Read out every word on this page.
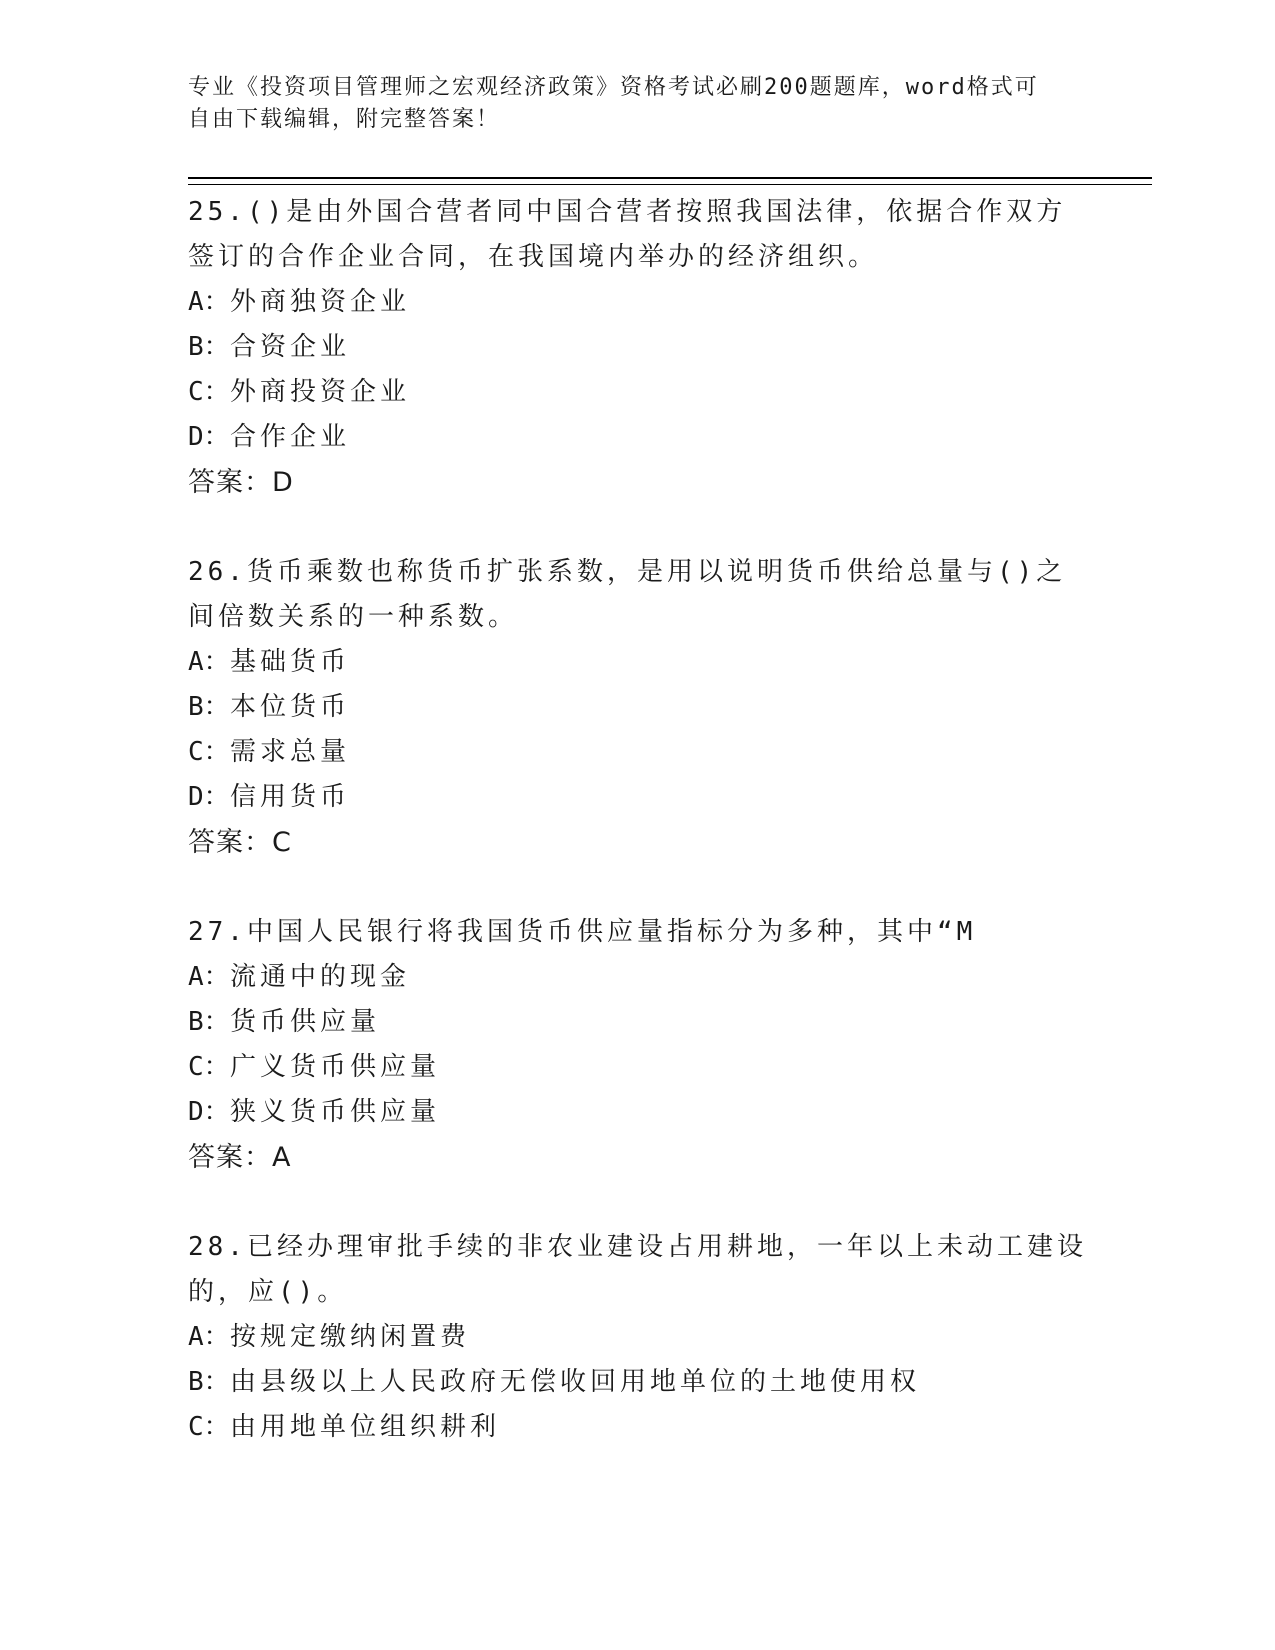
专业《投资项目管理师之宏观经济政策》资格考试必刷200题题库，word格式可
自由下载编辑，附完整答案！
25.()是由外国合营者同中国合营者按照我国法律，依据合作双方签订的合作企业合同，在我国境内举办的经济组织。
A：外商独资企业
B：合资企业
C：外商投资企业
D：合作企业
答案：D
26.货币乘数也称货币扩张系数，是用以说明货币供给总量与()之间倍数关系的一种系数。
A：基础货币
B：本位货币
C：需求总量
D：信用货币
答案：C
27.中国人民银行将我国货币供应量指标分为多种，其中“M
A：流通中的现金
B：货币供应量
C：广义货币供应量
D：狭义货币供应量
答案：A
28.已经办理审批手续的非农业建设占用耕地，一年以上未动工建设的，应()。
A：按规定缴纳闲置费
B：由县级以上人民政府无偿收回用地单位的土地使用权
C：由用地单位组织耕利
